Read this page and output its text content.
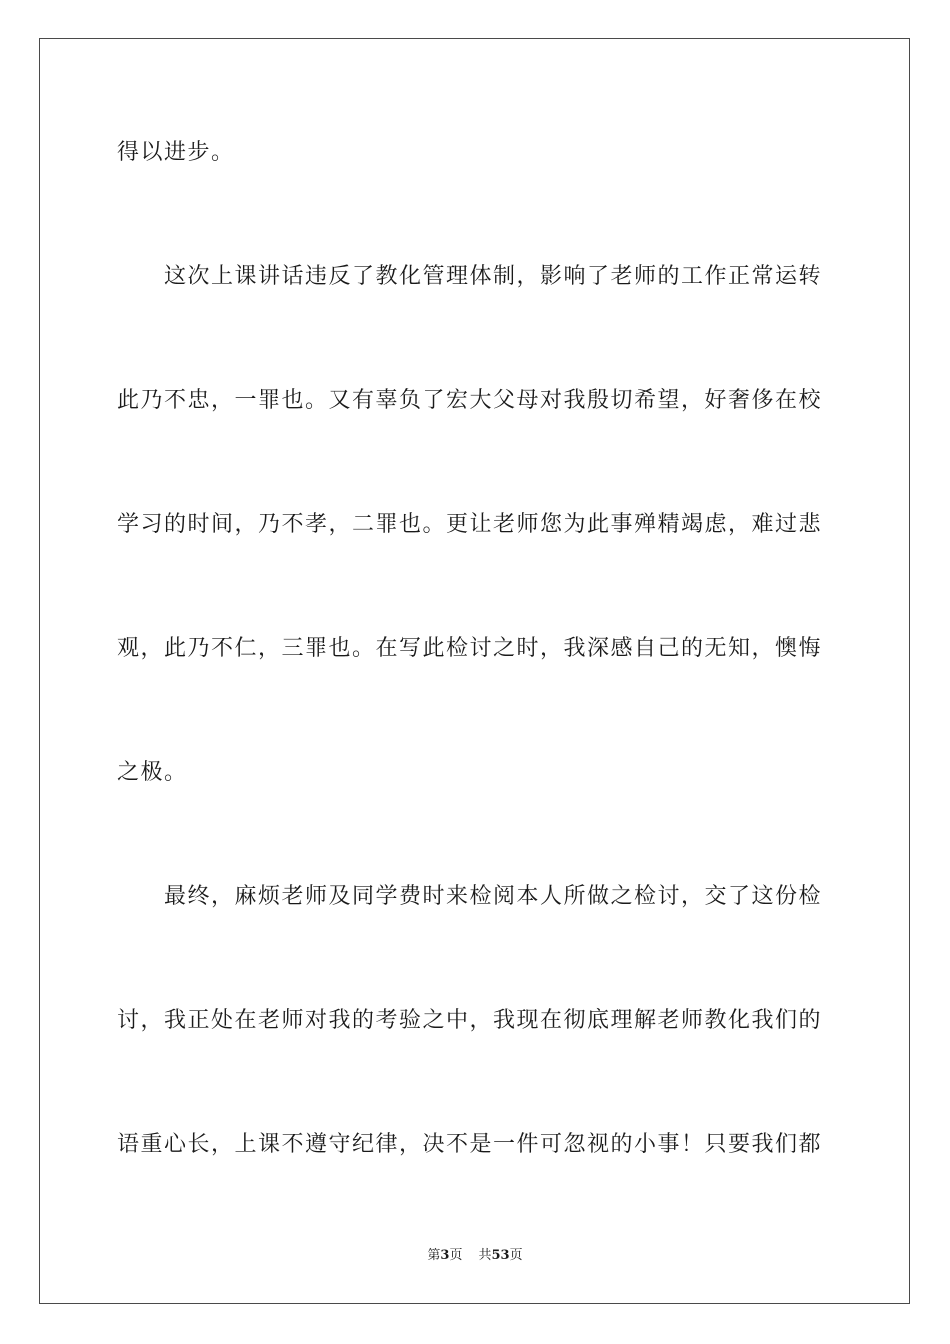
得以进步。
这次上课讲话违反了教化管理体制，影响了老师的工作正常运转
此乃不忠，一罪也。又有辜负了宏大父母对我殷切希望，好奢侈在校
学习的时间，乃不孝，二罪也。更让老师您为此事殚精竭虑，难过悲
观，此乃不仁，三罪也。在写此检讨之时，我深感自己的无知，懊悔
之极。
最终，麻烦老师及同学费时来检阅本人所做之检讨，交了这份检
讨，我正处在老师对我的考验之中，我现在彻底理解老师教化我们的
语重心长，上课不遵守纪律，决不是一件可忽视的小事！只要我们都
第3页 共53页
